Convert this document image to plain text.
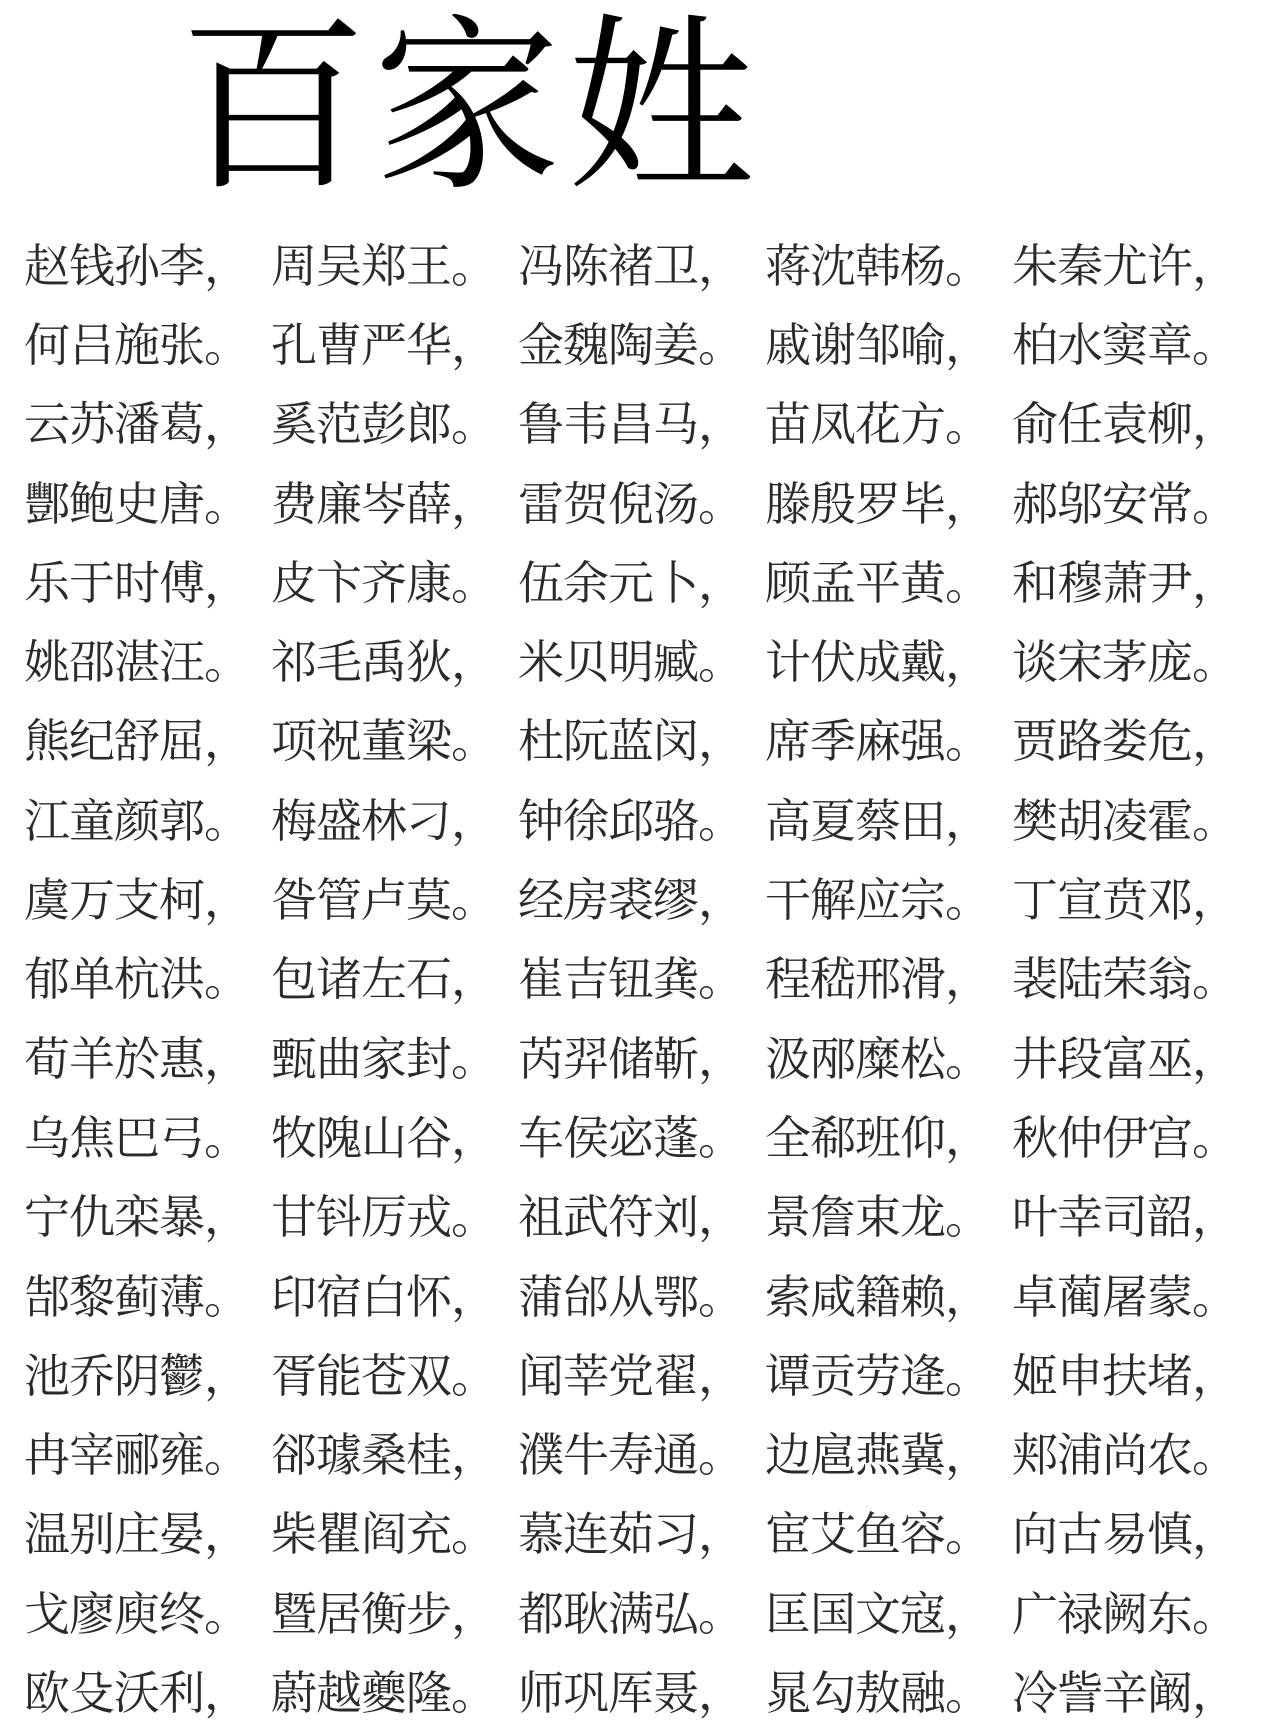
百家姓
赵钱孙李， 周吴郑王。 冯陈褚卫， 蒋沈韩杨。 朱秦尤许，
何吕施张。 孔曹严华， 金魏陶姜。 戚谢邹喻， 柏水窦章。
云苏潘葛， 奚范彭郎。 鲁韦昌马， 苗凤花方。 俞任袁柳，
酆鲍史唐。 费廉岑薛， 雷贺倪汤。 滕殷罗毕， 郝邬安常。
乐于时傅， 皮卞齐康。 伍余元卜， 顾孟平黄。 和穆萧尹，
姚邵湛汪。 祁毛禹狄， 米贝明臧。 计伏成戴， 谈宋茅庞。
熊纪舒屈， 项祝董梁。 杜阮蓝闵， 席季麻强。 贾路娄危，
江童颜郭。 梅盛林刁， 钟徐邱骆。 高夏蔡田， 樊胡凌霍。
虞万支柯， 昝管卢莫。 经房裘缪， 干解应宗。 丁宣贲邓，
郁单杭洪。 包诸左石， 崔吉钮龚。 程嵇邢滑， 裴陆荣翁。
荀羊於惠， 甄曲家封。 芮羿储靳， 汲邴糜松。 井段富巫，
乌焦巴弓。 牧隗山谷， 车侯宓蓬。 全郗班仰， 秋仲伊宫。
宁仇栾暴， 甘钭厉戎。 祖武符刘， 景詹束龙。 叶幸司韶，
郜黎蓟薄。 印宿白怀， 蒲邰从鄂。 索咸籍赖， 卓蔺屠蒙。
池乔阴鬱， 胥能苍双。 闻莘党翟， 谭贡劳逄。 姬申扶堵，
冉宰郦雍。 郤璩桑桂， 濮牛寿通。 边扈燕冀， 郏浦尚农。
温别庄晏， 柴瞿阎充。 慕连茹习， 宦艾鱼容。 向古易慎，
戈廖庾终。 暨居衡步， 都耿满弘。 匡国文寇， 广禄阙东。
欧殳沃利， 蔚越夔隆。 师巩厍聂， 晁勾敖融。 冷訾辛阚，
